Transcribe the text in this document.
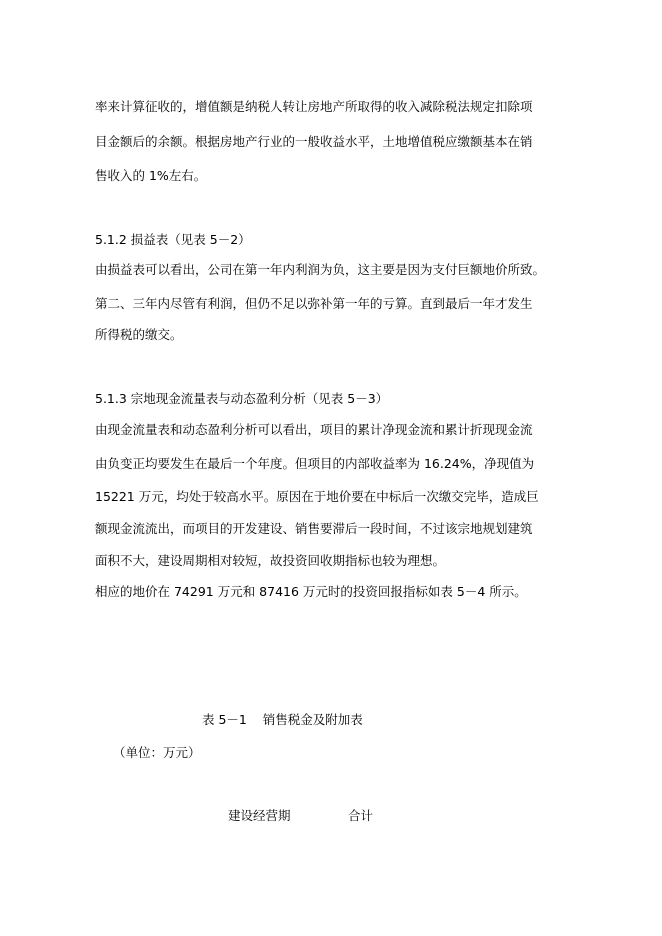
率来计算征收的，增值额是纳税人转让房地产所取得的收入减除税法规定扣除项
目金额后的余额。根据房地产行业的一般收益水平，土地增值税应缴额基本在销
售收入的 1%左右。
5.1.2 损益表（见表 5－2）
由损益表可以看出，公司在第一年内利润为负，这主要是因为支付巨额地价所致。
第二、三年内尽管有利润，但仍不足以弥补第一年的亏算。直到最后一年才发生
所得税的缴交。
5.1.3 宗地现金流量表与动态盈利分析（见表 5－3）
由现金流量表和动态盈利分析可以看出，项目的累计净现金流和累计折现现金流
由负变正均要发生在最后一个年度。但项目的内部收益率为 16.24%，净现值为
15221 万元，均处于较高水平。原因在于地价要在中标后一次缴交完毕，造成巨
额现金流流出，而项目的开发建设、销售要滞后一段时间，不过该宗地规划建筑
面积不大，建设周期相对较短，故投资回收期指标也较为理想。
相应的地价在 74291 万元和 87416 万元时的投资回报指标如表 5－4 所示。
表 5－1    销售税金及附加表
（单位：万元）
建设经营期	合计
